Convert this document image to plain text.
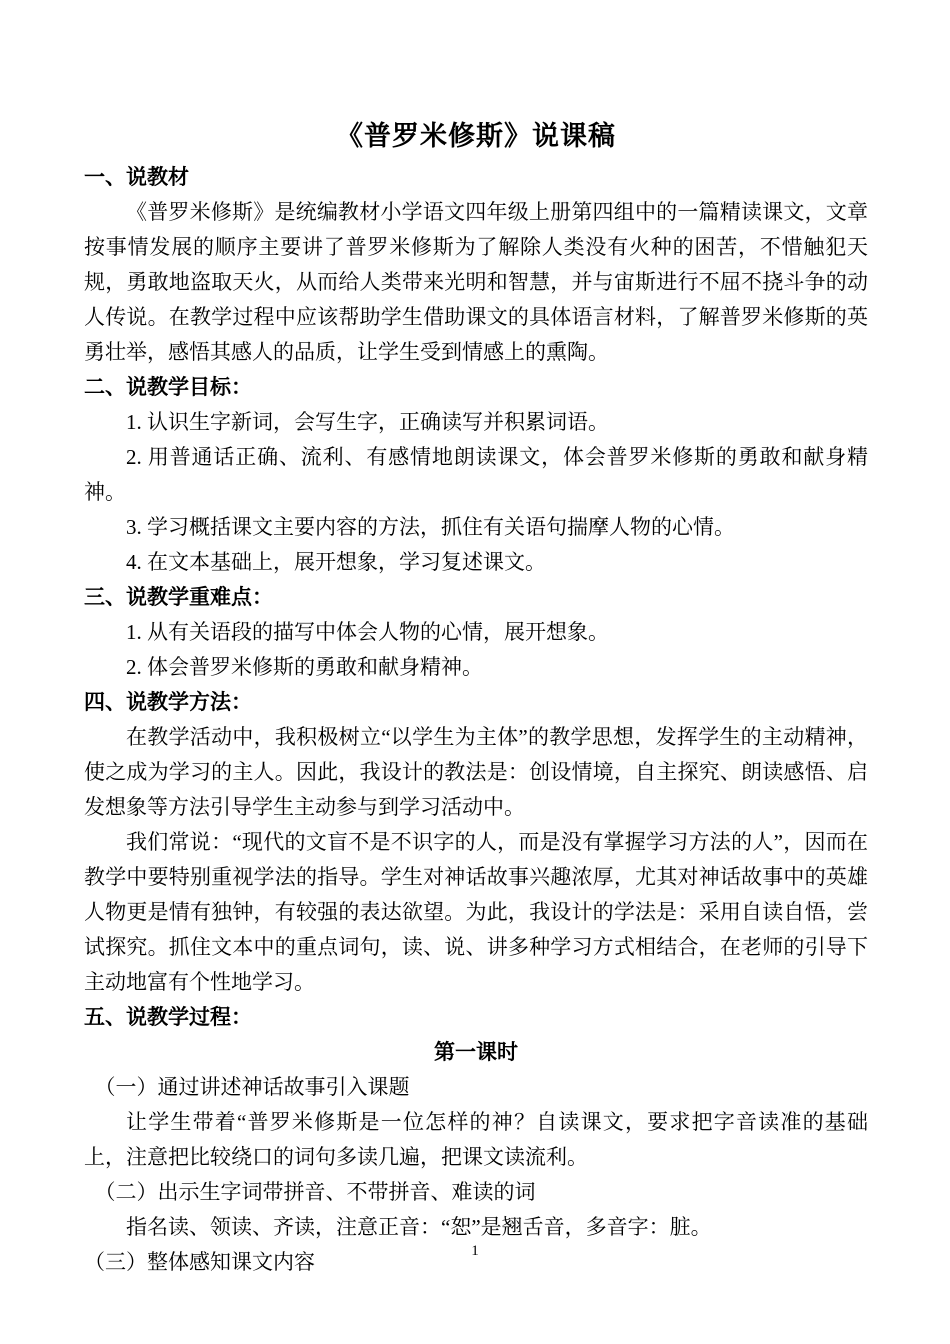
《普罗米修斯》说课稿

一、说教材

《普罗米修斯》是统编教材小学语文四年级上册第四组中的一篇精读课文，文章按事情发展的顺序主要讲了普罗米修斯为了解除人类没有火种的困苦，不惜触犯天规，勇敢地盗取天火，从而给人类带来光明和智慧，并与宙斯进行不屈不挠斗争的动人传说。在教学过程中应该帮助学生借助课文的具体语言材料，了解普罗米修斯的英勇壮举，感悟其感人的品质，让学生受到情感上的熏陶。

二、说教学目标：

1. 认识生字新词，会写生字，正确读写并积累词语。

2. 用普通话正确、流利、有感情地朗读课文，体会普罗米修斯的勇敢和献身精神。

3. 学习概括课文主要内容的方法，抓住有关语句揣摩人物的心情。

4. 在文本基础上，展开想象，学习复述课文。

三、说教学重难点：

1. 从有关语段的描写中体会人物的心情，展开想象。

2. 体会普罗米修斯的勇敢和献身精神。

四、说教学方法：

在教学活动中，我积极树立“以学生为主体”的教学思想，发挥学生的主动精神，使之成为学习的主人。因此，我设计的教法是：创设情境，自主探究、朗读感悟、启发想象等方法引导学生主动参与到学习活动中。

我们常说：“现代的文盲不是不识字的人，而是没有掌握学习方法的人”，因而在教学中要特别重视学法的指导。学生对神话故事兴趣浓厚，尤其对神话故事中的英雄人物更是情有独钟，有较强的表达欲望。为此，我设计的学法是：采用自读自悟，尝试探究。抓住文本中的重点词句，读、说、讲多种学习方式相结合，在老师的引导下主动地富有个性地学习。

五、说教学过程：

第一课时

（一）通过讲述神话故事引入课题

让学生带着“普罗米修斯是一位怎样的神？自读课文，要求把字音读准的基础上，注意把比较绕口的词句多读几遍，把课文读流利。

（二）出示生字词带拼音、不带拼音、难读的词

指名读、领读、齐读，注意正音：“恕”是翘舌音，多音字：脏。

（三）整体感知课文内容	1
